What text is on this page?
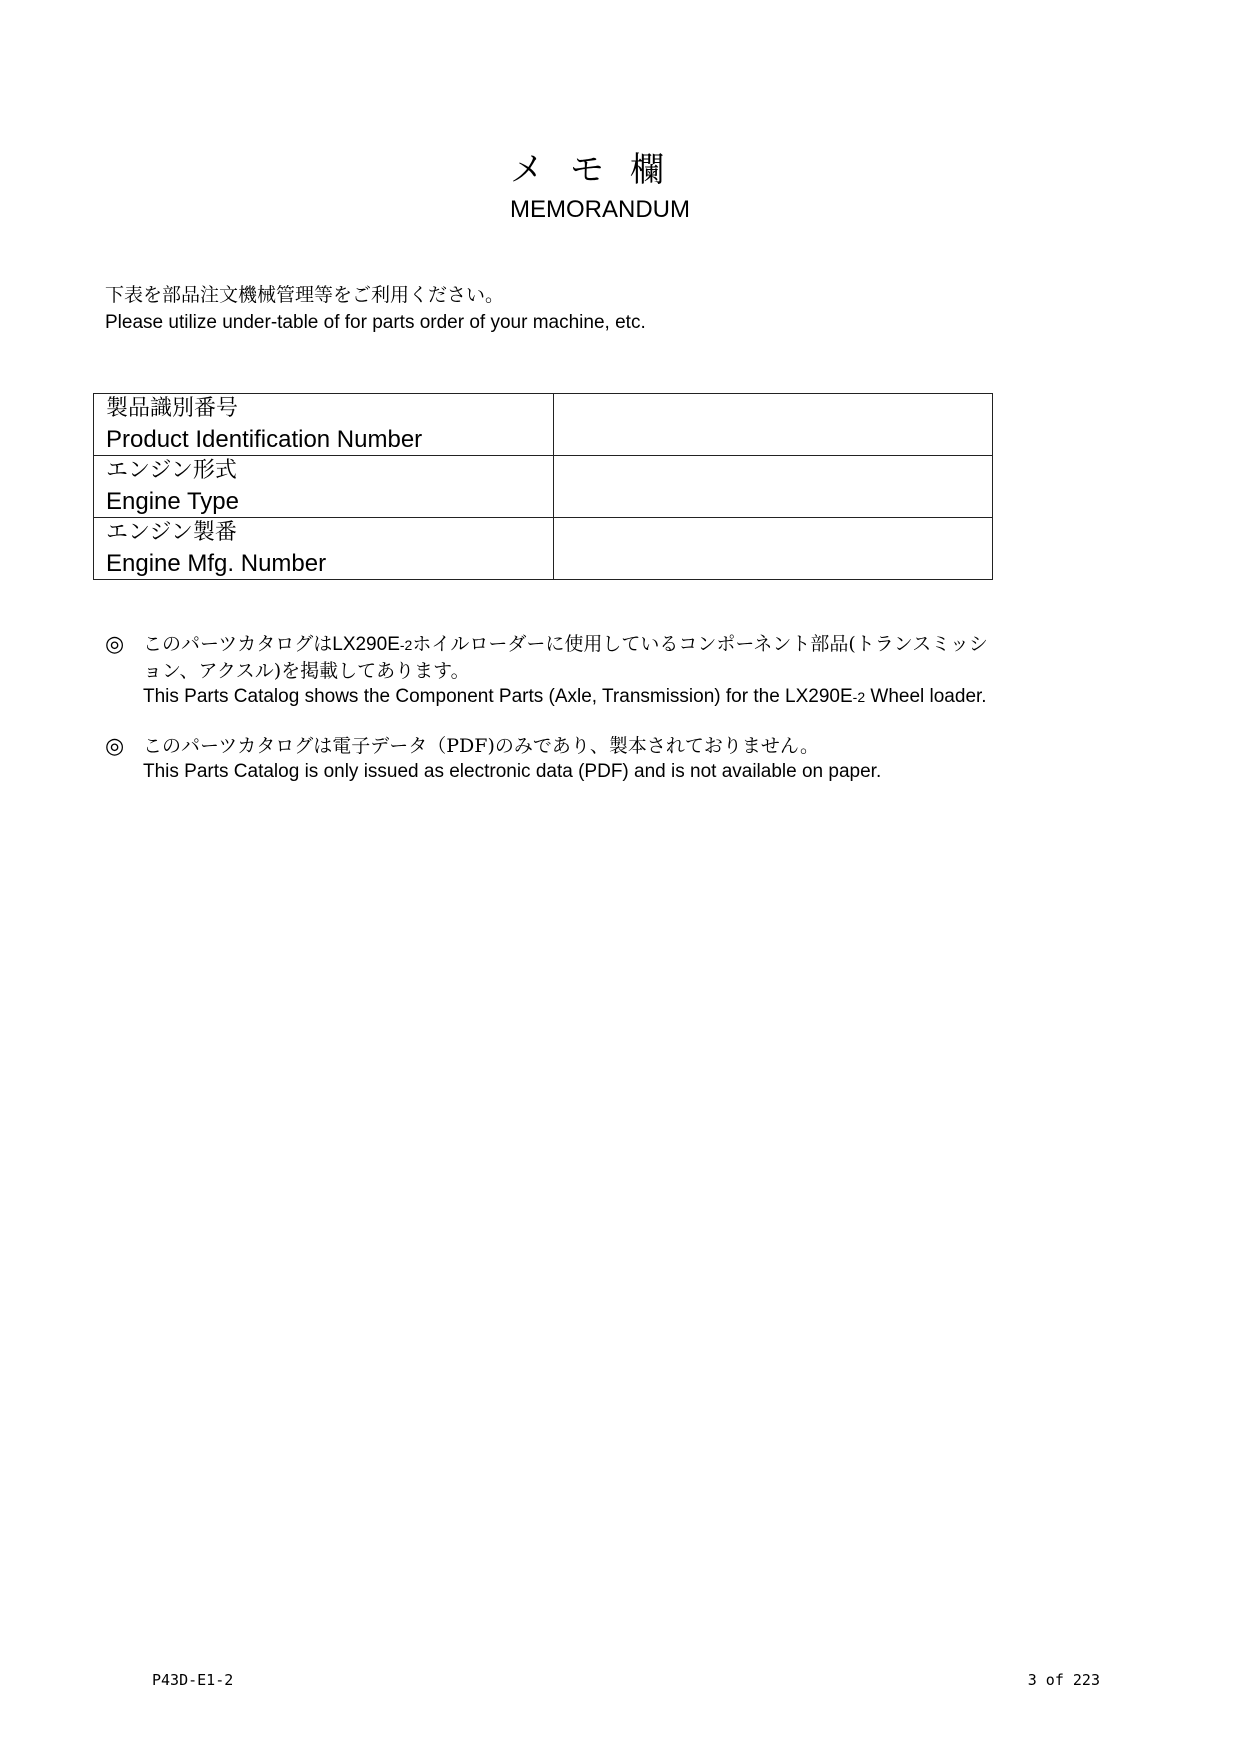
メモ欄
MEMORANDUM
下表を部品注文機械管理等をご利用ください。
Please utilize under-table of for parts order of your machine, etc.
製品識別番号
Product Identification Number	

エンジン形式
Engine Type	

エンジン製番
Engine Mfg. Number	

◎ このパーツカタログはLX290E-2ホイルローダーに使用しているコンポーネント部品(トランスミッシ
ョン、アクスル)を掲載してあります。
This Parts Catalog shows the Component Parts (Axle, Transmission) for the LX290E-2 Wheel loader.
◎ このパーツカタログは電子データ（PDF)のみであり、製本されておりません。
This Parts Catalog is only issued as electronic data (PDF) and is not available on paper.
P43D-E1-2	3 of 223
